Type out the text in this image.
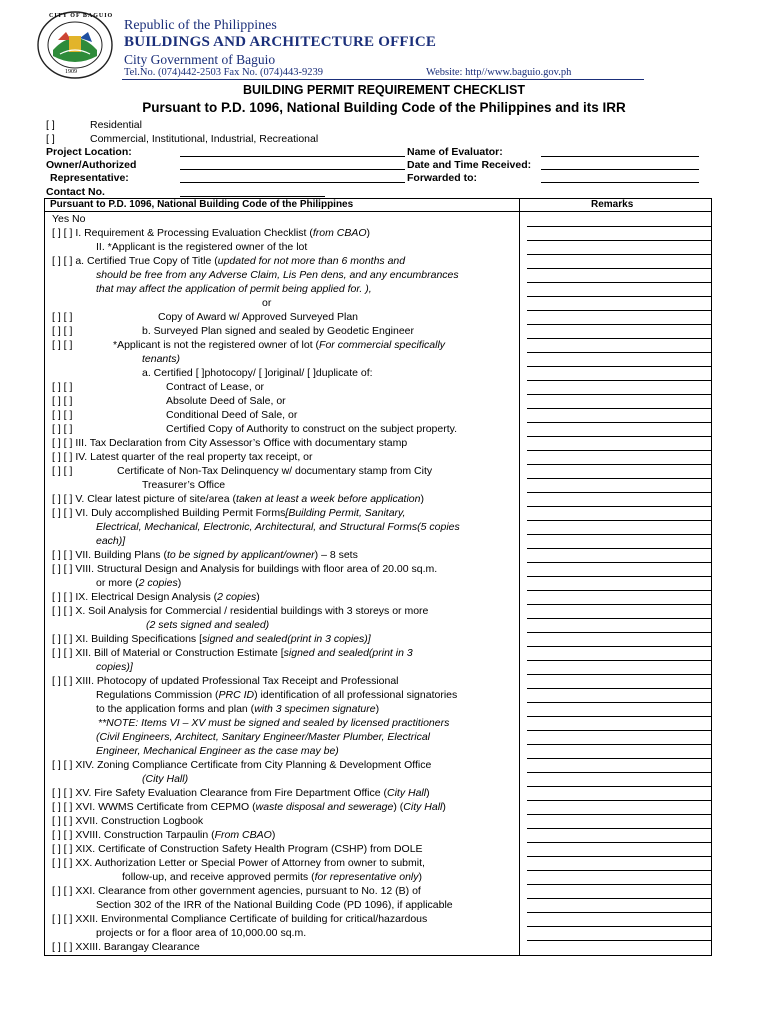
CITY OF BAGUIO
1909
Republic of the Philippines
BUILDINGS AND ARCHITECTURE OFFICE
City Government of Baguio
Tel.No. (074)442-2503 Fax No. (074)443-9239	Website: http//www.baguio.gov.ph
BUILDING PERMIT REQUIREMENT CHECKLIST
Pursuant to P.D. 1096, National Building Code of the Philippines and its IRR
[ ]	Residential
[ ]	Commercial, Institutional, Industrial, Recreational
Project Location:
Owner/Authorized
Representative:
Contact No.
Name of Evaluator:
Date and Time Received:
Forwarded to:
Pursuant to P.D. 1096, National Building Code of the Philippines	Remarks
Yes No
[ ] [ ] I. Requirement & Processing Evaluation Checklist (from CBAO)
II. *Applicant is the registered owner of the lot
[ ] [ ] a. Certified True Copy of Title (updated for not more than 6 months and
should be free from any Adverse Claim, Lis Pen dens, and any encumbrances
that may affect the application of permit being applied for. ),
or
[ ] [ ]	Copy of Award w/ Approved Surveyed Plan
[ ] [ ]	b. Surveyed Plan signed and sealed by Geodetic Engineer
[ ] [ ]	*Applicant is not the registered owner of lot (For commercial specifically
tenants)
a. Certified [ ]photocopy/ [ ]original/ [ ]duplicate of:
[ ] [ ]	Contract of Lease, or
[ ] [ ]	Absolute Deed of Sale, or
[ ] [ ]	Conditional Deed of Sale, or
[ ] [ ]	Certified Copy of Authority to construct on the subject property.
[ ] [ ] III. Tax Declaration from City Assessor’s Office with documentary stamp
[ ] [ ] IV. Latest quarter of the real property tax receipt, or
[ ] [ ]	Certificate of Non-Tax Delinquency w/ documentary stamp from City
Treasurer’s Office
[ ] [ ] V. Clear latest picture of site/area (taken at least a week before application)
[ ] [ ] VI. Duly accomplished Building Permit Forms[Building Permit, Sanitary,
Electrical, Mechanical, Electronic, Architectural, and Structural Forms(5 copies
each)]
[ ] [ ] VII. Building Plans (to be signed by applicant/owner) – 8 sets
[ ] [ ] VIII. Structural Design and Analysis for buildings with floor area of 20.00 sq.m.
or more (2 copies)
[ ] [ ] IX. Electrical Design Analysis (2 copies)
[ ] [ ] X. Soil Analysis for Commercial / residential buildings with 3 storeys or more
(2 sets signed and sealed)
[ ] [ ] XI. Building Specifications [signed and sealed(print in 3 copies)]
[ ] [ ] XII. Bill of Material or Construction Estimate [signed and sealed(print in 3
copies)]
[ ] [ ] XIII. Photocopy of updated Professional Tax Receipt and Professional
Regulations Commission (PRC ID) identification of all professional signatories
to the application forms and plan (with 3 specimen signature)
**NOTE: Items VI – XV must be signed and sealed by licensed practitioners
(Civil Engineers, Architect, Sanitary Engineer/Master Plumber, Electrical
Engineer, Mechanical Engineer as the case may be)
[ ] [ ] XIV. Zoning Compliance Certificate from City Planning & Development Office
(City Hall)
[ ] [ ] XV. Fire Safety Evaluation Clearance from Fire Department Office (City Hall)
[ ] [ ] XVI. WWMS Certificate from CEPMO (waste disposal and sewerage) (City Hall)
[ ] [ ] XVII. Construction Logbook
[ ] [ ] XVIII. Construction Tarpaulin (From CBAO)
[ ] [ ] XIX. Certificate of Construction Safety Health Program (CSHP) from DOLE
[ ] [ ] XX. Authorization Letter or Special Power of Attorney from owner to submit,
follow-up, and receive approved permits (for representative only)
[ ] [ ] XXI. Clearance from other government agencies, pursuant to No. 12 (B) of
Section 302 of the IRR of the National Building Code (PD 1096), if applicable
[ ] [ ] XXII. Environmental Compliance Certificate of building for critical/hazardous
projects or for a floor area of 10,000.00 sq.m.
[ ] [ ] XXIII. Barangay Clearance
